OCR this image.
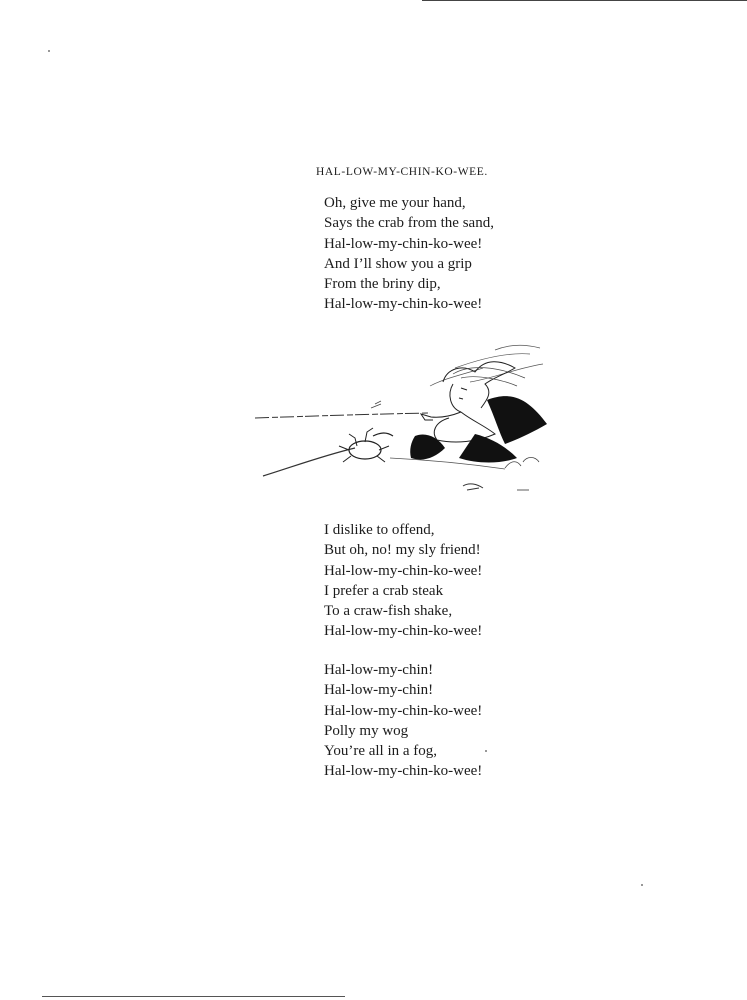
HAL-LOW-MY-CHIN-KO-WEE.
Oh, give me your hand,
Says the crab from the sand,
Hal-low-my-chin-ko-wee!
And I’ll show you a grip
From the briny dip,
Hal-low-my-chin-ko-wee!
I dislike to offend,
But oh, no! my sly friend!
Hal-low-my-chin-ko-wee!
I prefer a crab steak
To a craw-fish shake,
Hal-low-my-chin-ko-wee!
Hal-low-my-chin!
Hal-low-my-chin!
Hal-low-my-chin-ko-wee!
Polly my wog
You’re all in a fog,
Hal-low-my-chin-ko-wee!
